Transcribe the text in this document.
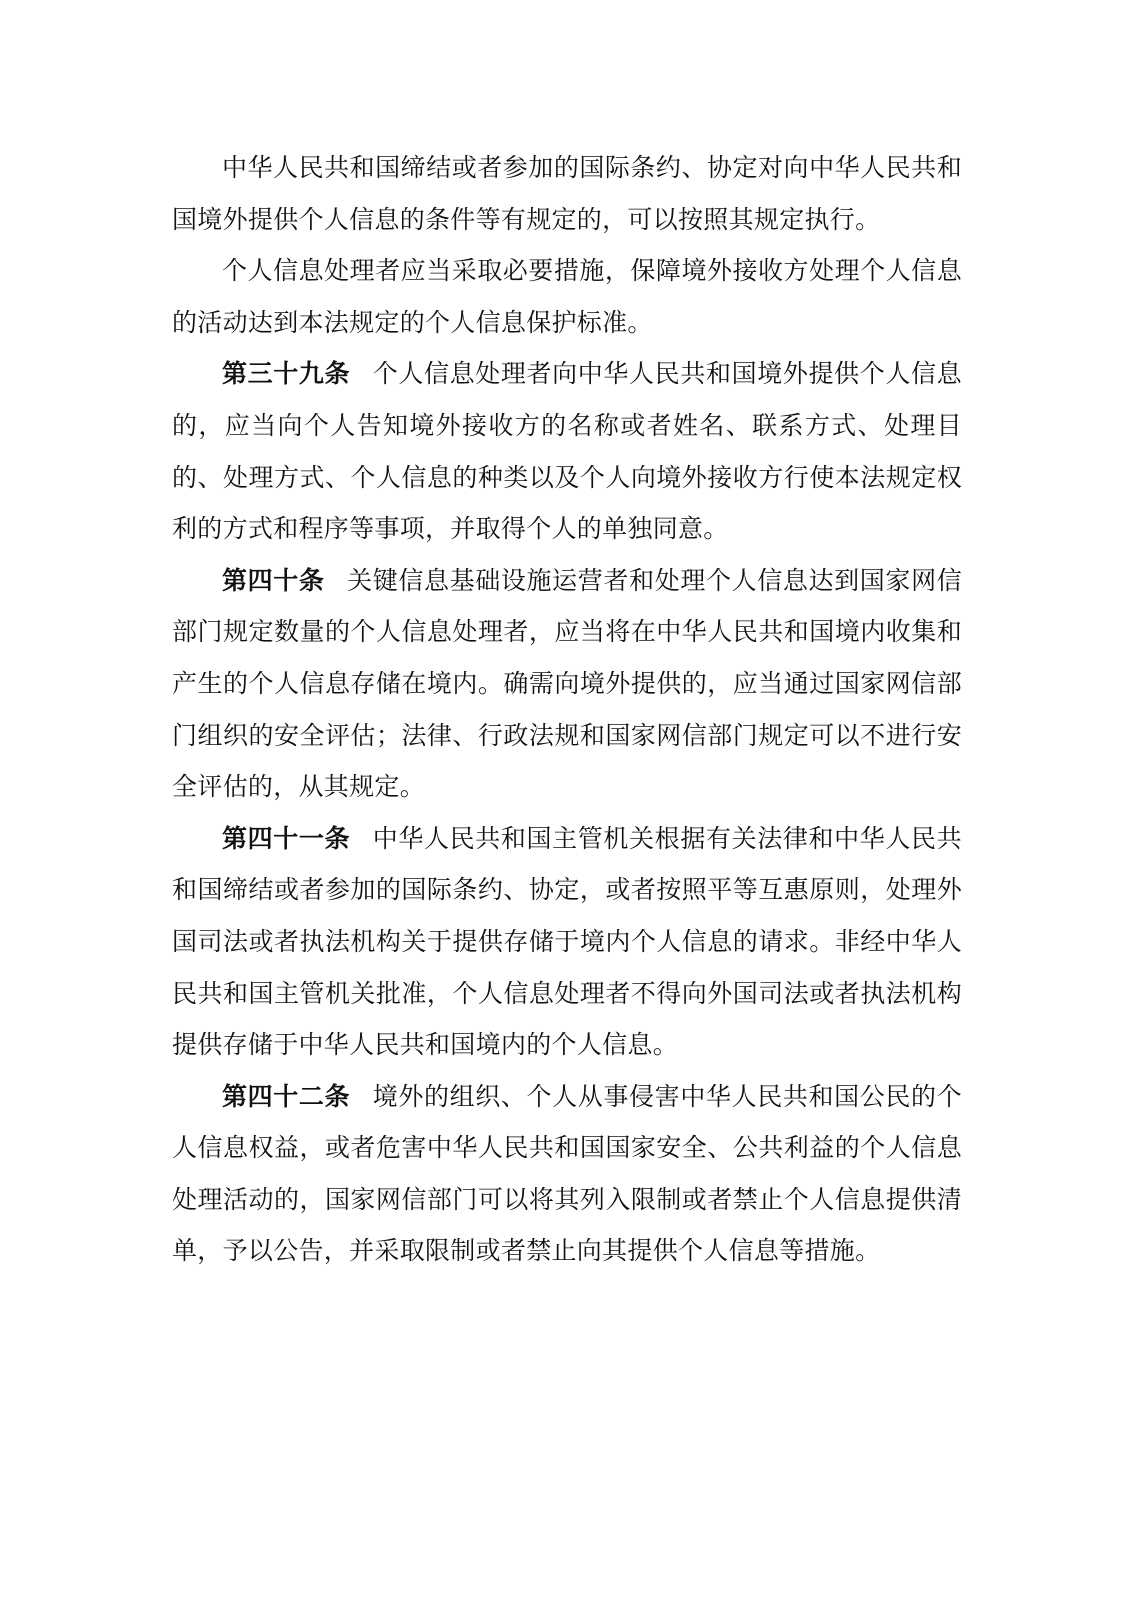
中华人民共和国缔结或者参加的国际条约、协定对向中华人民共和国境外提供个人信息的条件等有规定的，可以按照其规定执行。

个人信息处理者应当采取必要措施，保障境外接收方处理个人信息的活动达到本法规定的个人信息保护标准。

第三十九条 个人信息处理者向中华人民共和国境外提供个人信息的，应当向个人告知境外接收方的名称或者姓名、联系方式、处理目的、处理方式、个人信息的种类以及个人向境外接收方行使本法规定权利的方式和程序等事项，并取得个人的单独同意。

第四十条 关键信息基础设施运营者和处理个人信息达到国家网信部门规定数量的个人信息处理者，应当将在中华人民共和国境内收集和产生的个人信息存储在境内。确需向境外提供的，应当通过国家网信部门组织的安全评估；法律、行政法规和国家网信部门规定可以不进行安全评估的，从其规定。

第四十一条 中华人民共和国主管机关根据有关法律和中华人民共和国缔结或者参加的国际条约、协定，或者按照平等互惠原则，处理外国司法或者执法机构关于提供存储于境内个人信息的请求。非经中华人民共和国主管机关批准，个人信息处理者不得向外国司法或者执法机构提供存储于中华人民共和国境内的个人信息。

第四十二条 境外的组织、个人从事侵害中华人民共和国公民的个人信息权益，或者危害中华人民共和国国家安全、公共利益的个人信息处理活动的，国家网信部门可以将其列入限制或者禁止个人信息提供清单，予以公告，并采取限制或者禁止向其提供个人信息等措施。
